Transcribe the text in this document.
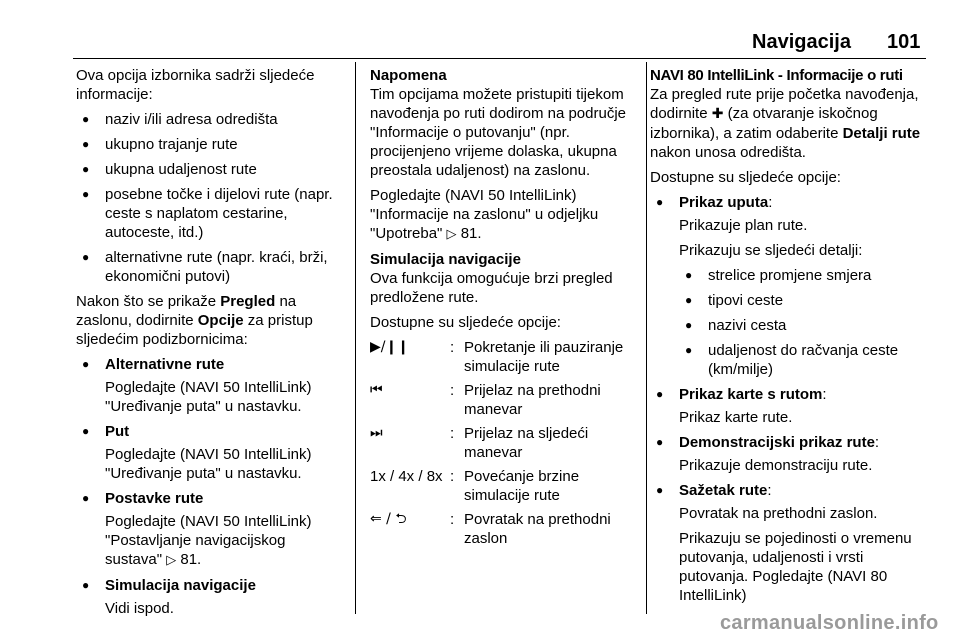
Navigacija 101

Ova opcija izbornika sadrži sljedeće informacije:

● naziv i/ili adresa odredišta
● ukupno trajanje rute
● ukupna udaljenost rute
● posebne točke i dijelovi rute (napr. ceste s naplatom cestarine, autoceste, itd.)
● alternativne rute (napr. kraći, brži, ekonomični putovi)

Nakon što se prikaže Pregled na zaslonu, dodirnite Opcije za pristup sljedećim podizbornicima:

● Alternativne rute
Pogledajte (NAVI 50 IntelliLink) "Uređivanje puta" u nastavku.
● Put
Pogledajte (NAVI 50 IntelliLink) "Uređivanje puta" u nastavku.
● Postavke rute
Pogledajte (NAVI 50 IntelliLink) "Postavljanje navigacijskog sustava" ▷ 81.
● Simulacija navigacije
Vidi ispod.
Napomena

Tim opcijama možete pristupiti tijekom navođenja po ruti dodirom na područje "Informacije o putovanju" (npr. procijenjeno vrijeme dolaska, ukupna preostala udaljenost) na zaslonu.

Pogledajte (NAVI 50 IntelliLink) "Informacije na zaslonu" u odjeljku "Upotreba" ▷ 81.

Simulacija navigacije

Ova funkcija omogućuje brzi pregled predložene rute.

Dostupne su sljedeće opcije:

▶/❙❙	:	Pokretanje ili pauziranje simulacije rute
⏮	:	Prijelaz na prethodni manevar
⏭	:	Prijelaz na sljedeći manevar
1x / 4x / 8x	:	Povećanje brzine simulacije rute
⇐ / ⮌	:	Povratak na prethodni zaslon
NAVI 80 IntelliLink - Informacije o ruti

Za pregled rute prije početka navođenja, dodirnite ✚ (za otvaranje iskočnog izbornika), a zatim odaberite Detalji rute nakon unosa odredišta.

Dostupne su sljedeće opcije:

● Prikaz uputa:
Prikazuje plan rute.
Prikazuju se sljedeći detalji:
● strelice promjene smjera
● tipovi ceste
● nazivi cesta
● udaljenost do račvanja ceste (km/milje)
● Prikaz karte s rutom:
Prikaz karte rute.
● Demonstracijski prikaz rute:
Prikazuje demonstraciju rute.
● Sažetak rute:
Povratak na prethodni zaslon.
Prikazuju se pojedinosti o vremenu putovanja, udaljenosti i vrsti putovanja. Pogledajte (NAVI 80 IntelliLink)
carmanualsonline.info
